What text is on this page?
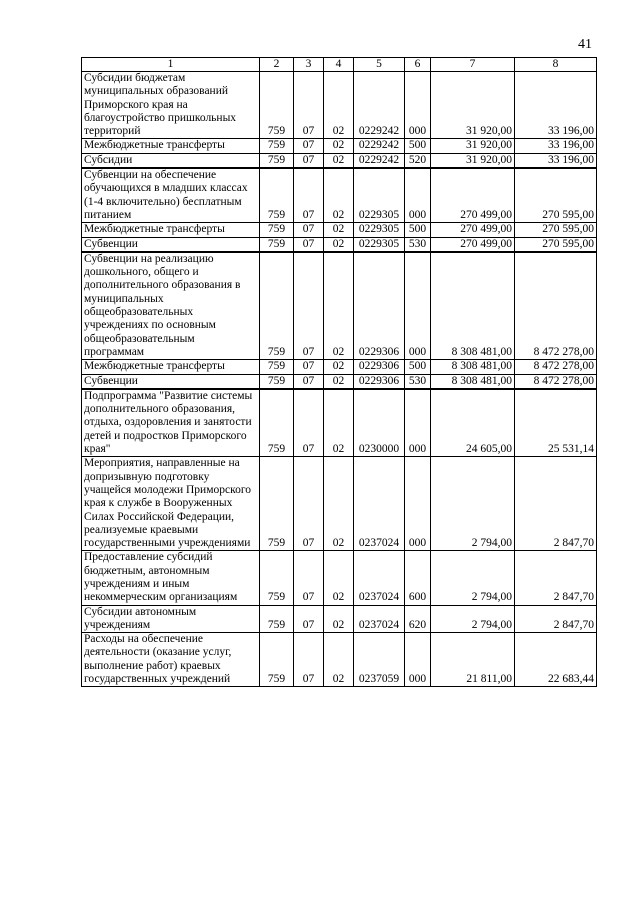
41
1	2	3	4	5	6	7	8
Субсидии бюджетам муниципальных образований Приморского края на благоустройство пришкольных территорий	759	07	02	0229242	000	31 920,00	33 196,00
Межбюджетные трансферты	759	07	02	0229242	500	31 920,00	33 196,00
Субсидии	759	07	02	0229242	520	31 920,00	33 196,00
Субвенции на обеспечение обучающихся в младших классах (1-4 включительно) бесплатным питанием	759	07	02	0229305	000	270 499,00	270 595,00
Межбюджетные трансферты	759	07	02	0229305	500	270 499,00	270 595,00
Субвенции	759	07	02	0229305	530	270 499,00	270 595,00
Субвенции на реализацию дошкольного, общего и дополнительного образования в муниципальных общеобразовательных учреждениях по основным общеобразовательным программам	759	07	02	0229306	000	8 308 481,00	8 472 278,00
Межбюджетные трансферты	759	07	02	0229306	500	8 308 481,00	8 472 278,00
Субвенции	759	07	02	0229306	530	8 308 481,00	8 472 278,00
Подпрограмма "Развитие системы дополнительного образования, отдыха, оздоровления и занятости детей и подростков Приморского края"	759	07	02	0230000	000	24 605,00	25 531,14
Мероприятия, направленные на допризывную подготовку учащейся молодежи Приморского края к службе в Вооруженных Силах Российской Федерации, реализуемые краевыми государственными учреждениями	759	07	02	0237024	000	2 794,00	2 847,70
Предоставление субсидий бюджетным, автономным учреждениям и иным некоммерческим организациям	759	07	02	0237024	600	2 794,00	2 847,70
Субсидии автономным учреждениям	759	07	02	0237024	620	2 794,00	2 847,70
Расходы на обеспечение деятельности (оказание услуг, выполнение работ) краевых государственных учреждений	759	07	02	0237059	000	21 811,00	22 683,44
